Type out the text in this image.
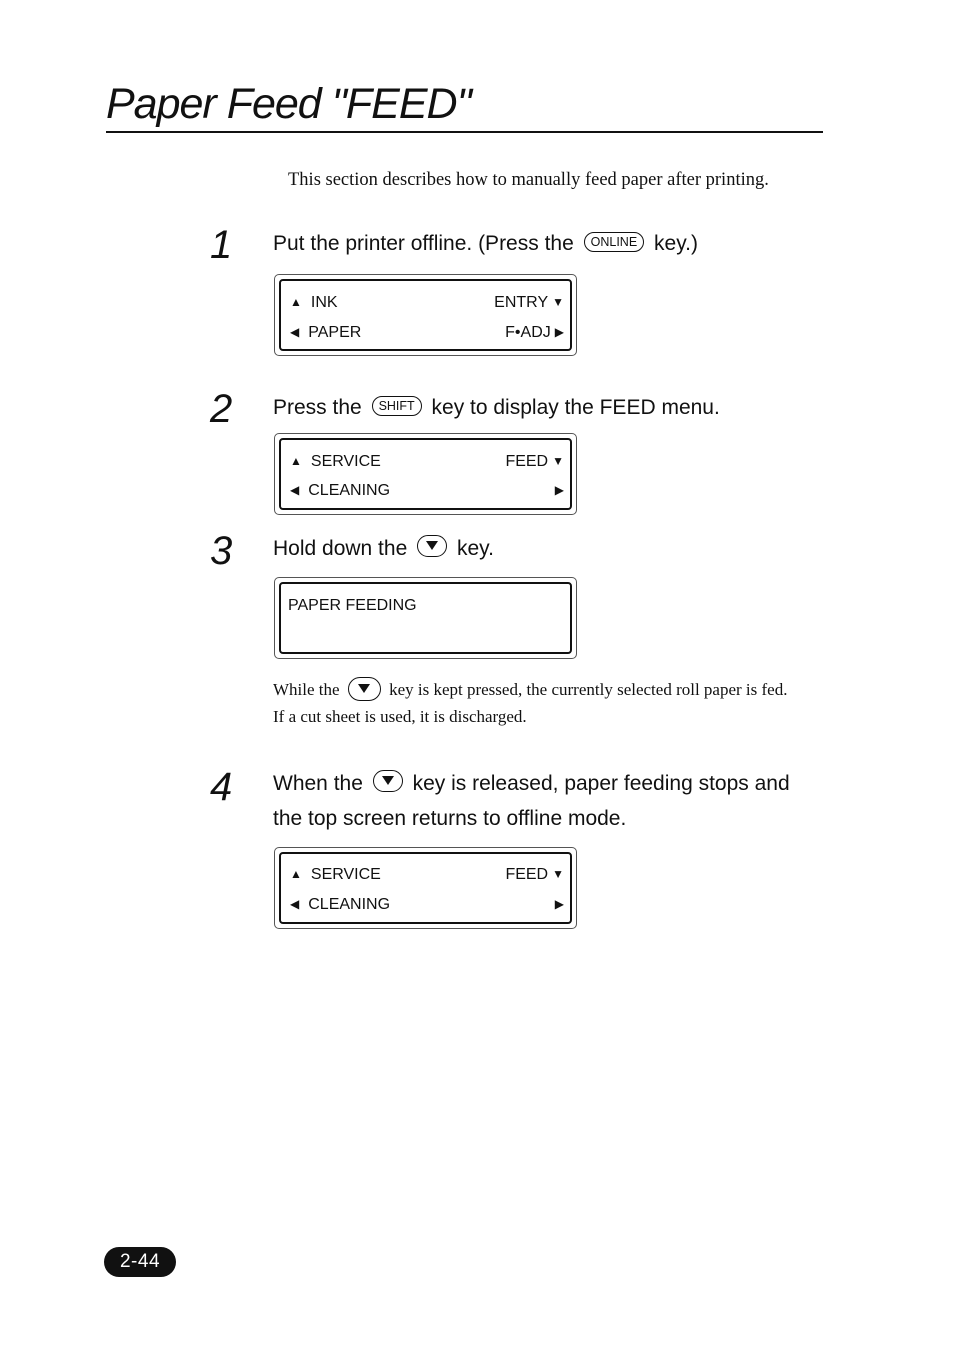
Paper Feed "FEED"
This section describes how to manually feed paper after printing.
1 Put the printer offline. (Press the ONLINE key.)
▲ INK	ENTRY ▼
◀ PAPER	F•ADJ ▶
2 Press the SHIFT key to display the FEED menu.
▲ SERVICE	FEED ▼
◀ CLEANING	▶
3 Hold down the key.
PAPER FEEDING
While the	key is kept pressed, the currently selected roll paper is fed.
If a cut sheet is used, it is discharged.
4 When the key is released, paper feeding stops and
the top screen returns to offline mode.
▲ SERVICE	FEED ▼
◀ CLEANING	▶
2-44
